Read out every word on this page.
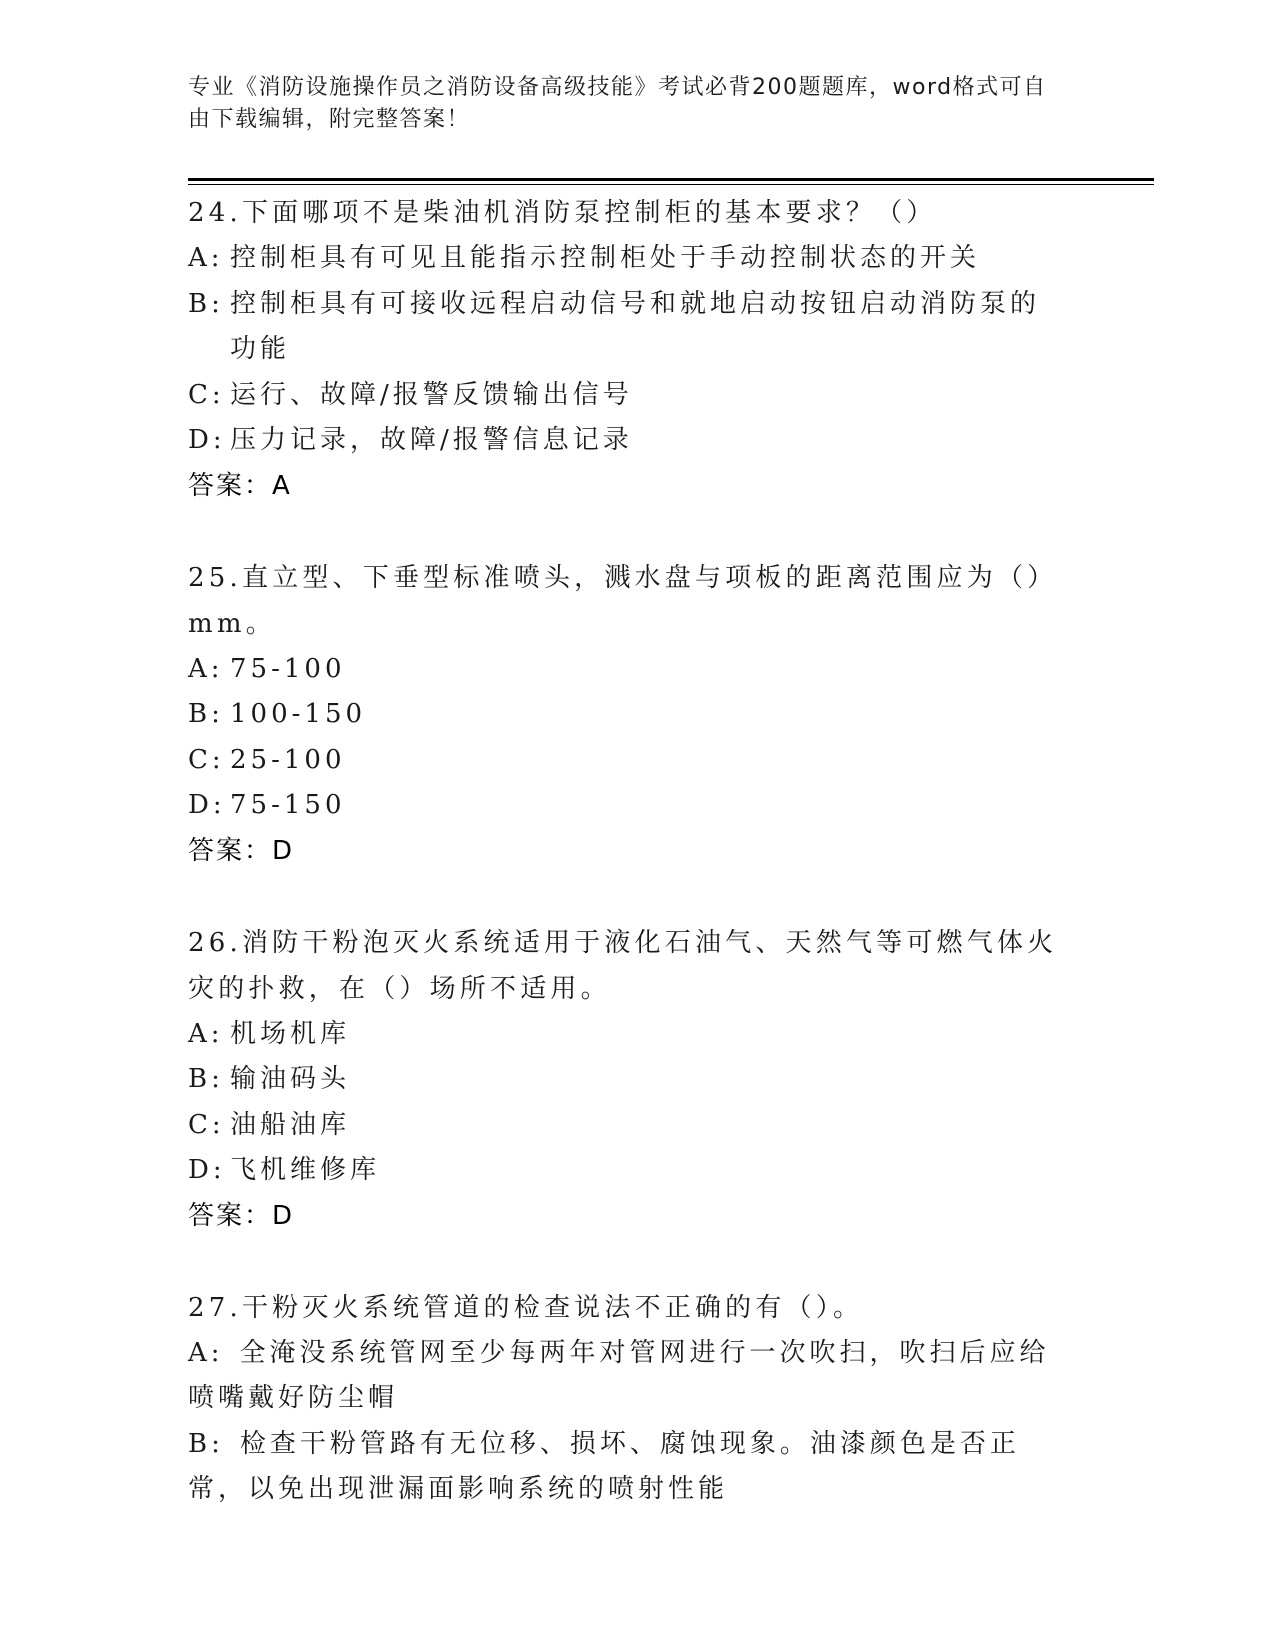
专业《消防设施操作员之消防设备高级技能》考试必背200题题库，word格式可自由下载编辑，附完整答案！
24.下面哪项不是柴油机消防泵控制柜的基本要求？（）
A: 控制柜具有可见且能指示控制柜处于手动控制状态的开关
B: 控制柜具有可接收远程启动信号和就地启动按钮启动消防泵的功能
C: 运行、故障/报警反馈输出信号
D: 压力记录，故障/报警信息记录
答案：A
25.直立型、下垂型标准喷头，溅水盘与项板的距离范围应为（）mm。
A: 75-100
B: 100-150
C: 25-100
D: 75-150
答案：D
26.消防干粉泡灭火系统适用于液化石油气、天然气等可燃气体火灾的扑救，在（）场所不适用。
A: 机场机库
B: 输油码头
C: 油船油库
D: 飞机维修库
答案：D
27.干粉灭火系统管道的检查说法不正确的有（）。
A: 全淹没系统管网至少每两年对管网进行一次吹扫，吹扫后应给喷嘴戴好防尘帽
B: 检查干粉管路有无位移、损坏、腐蚀现象。油漆颜色是否正常，以免出现泄漏面影响系统的喷射性能
